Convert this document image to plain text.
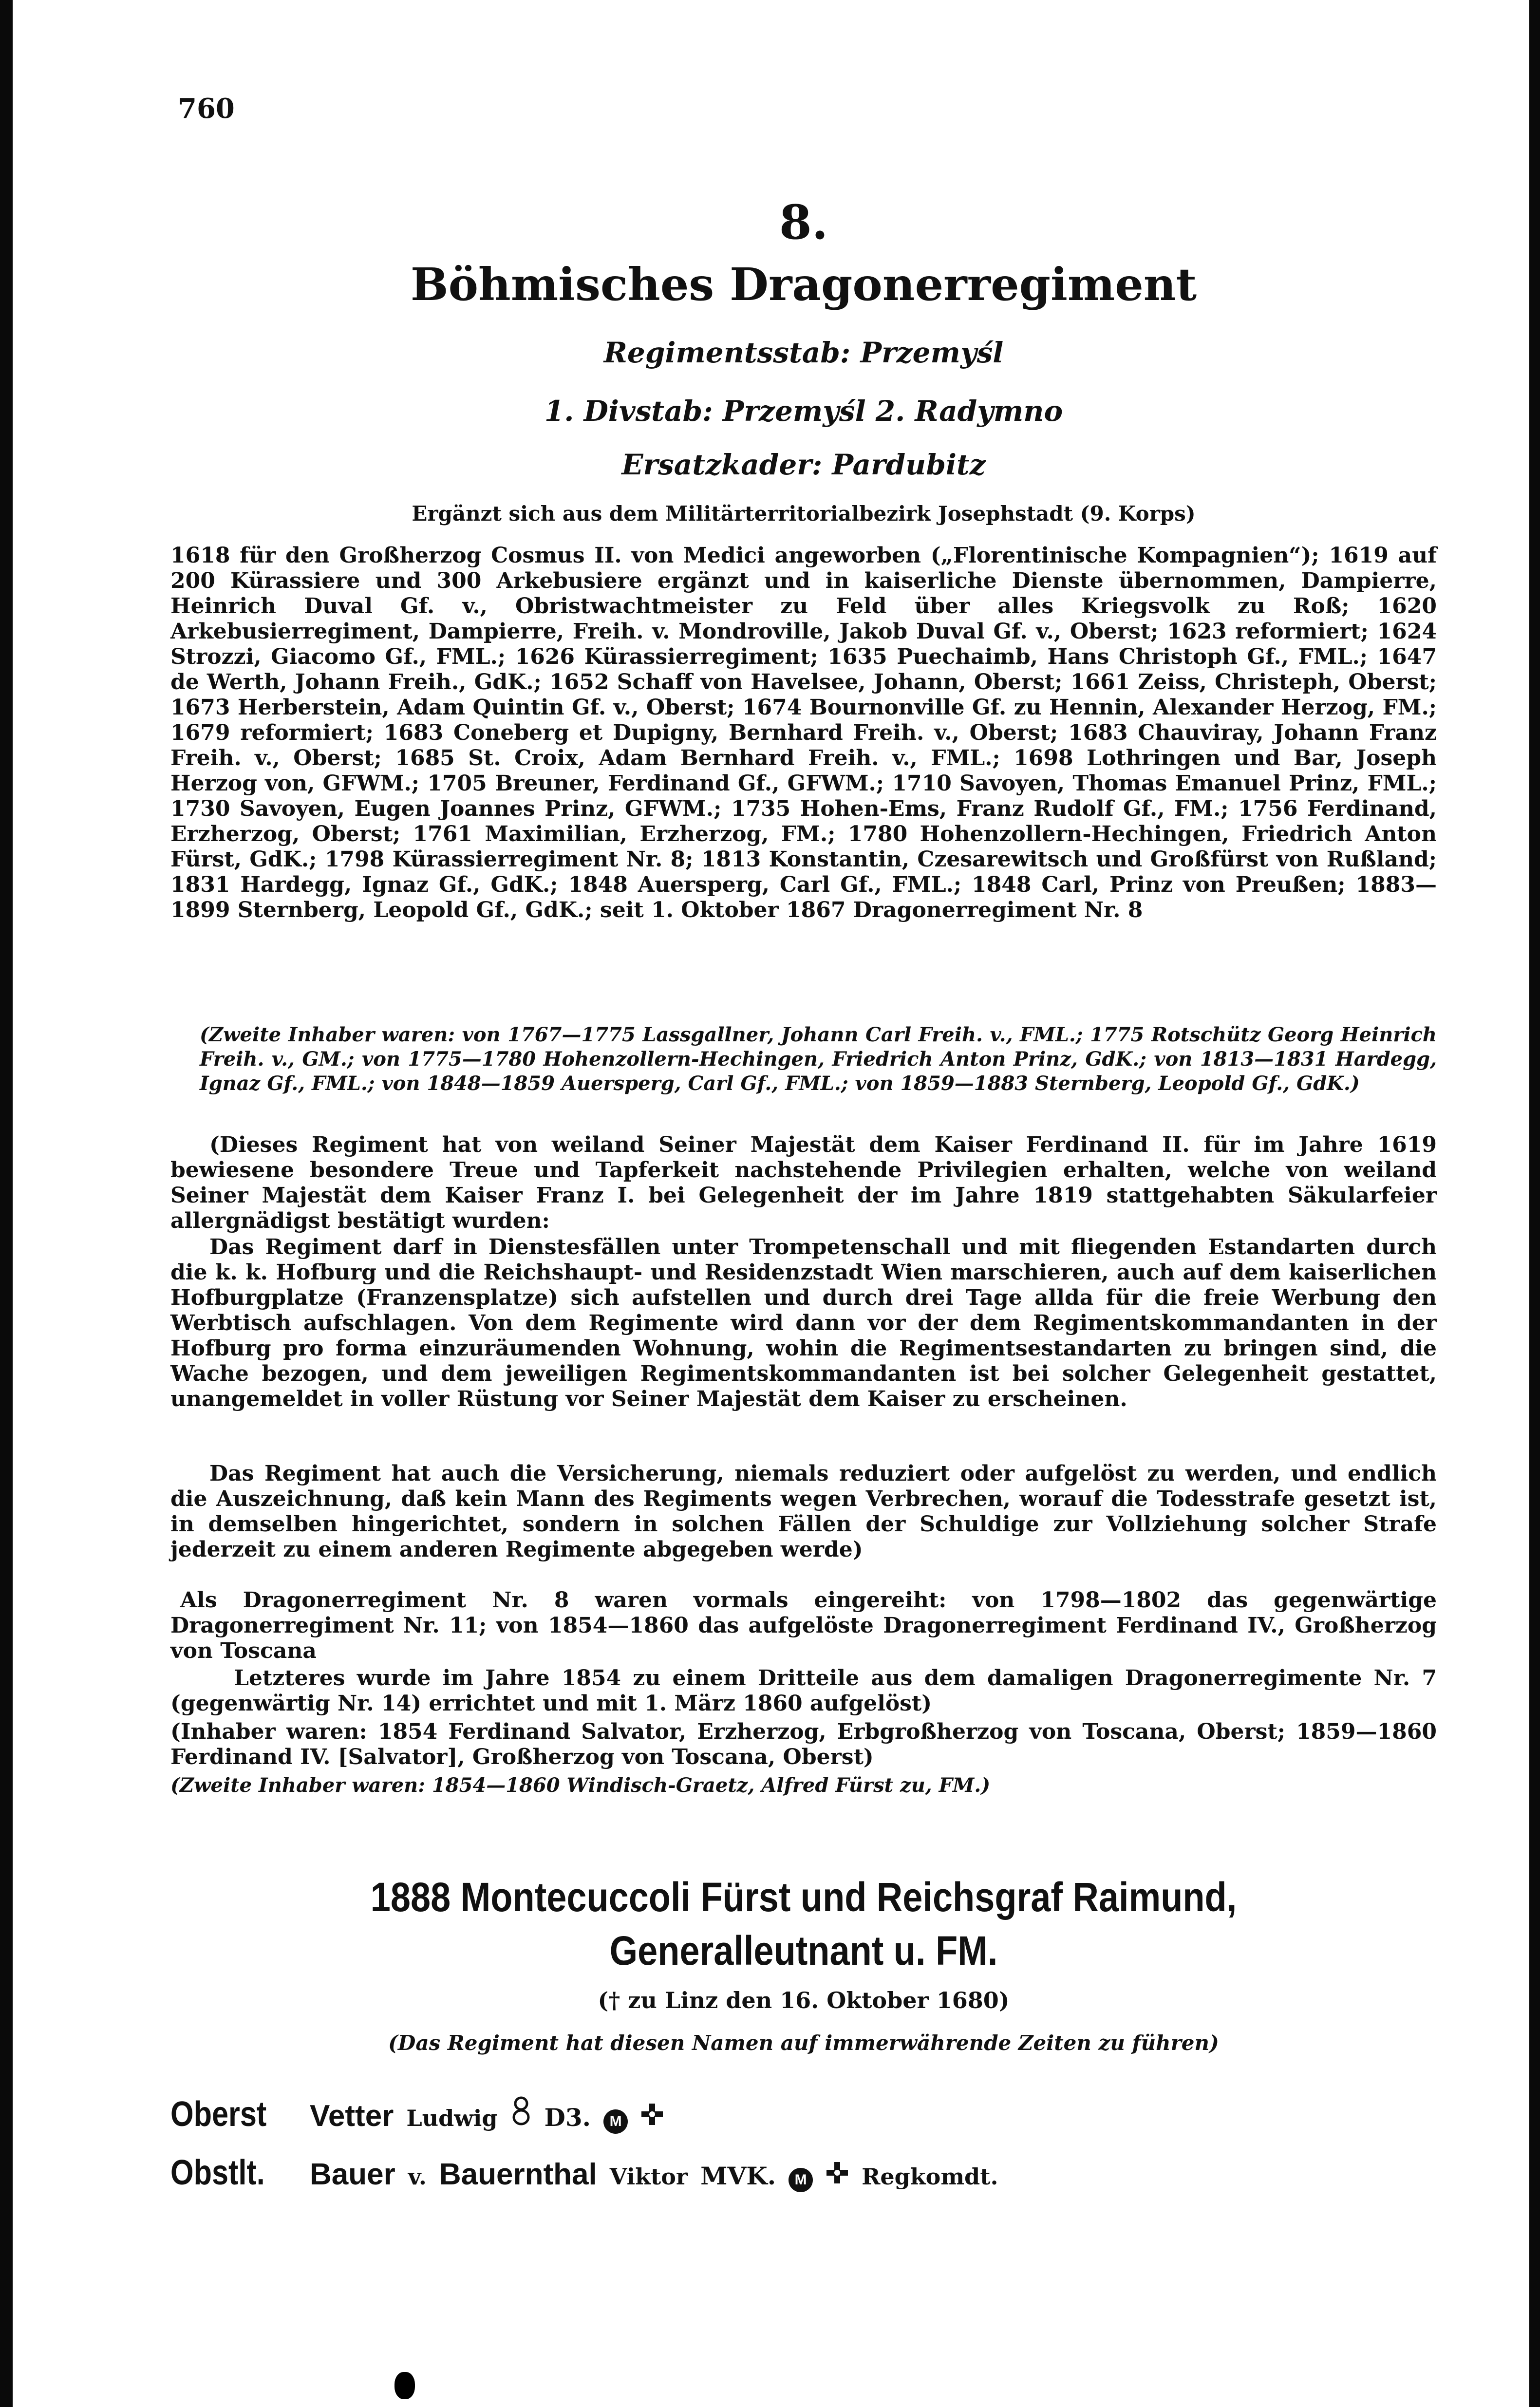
760
8.
Böhmisches Dragonerregiment
Regimentsstab: Przemyśl
1. Divstab: Przemyśl 2. Radymno
Ersatzkader: Pardubitz
Ergänzt sich aus dem Militärterritorialbezirk Josephstadt (9. Korps)
1618 für den Großherzog Cosmus II. von Medici angeworben („Florentinische Kompagnien“); 1619 auf 200 Kürassiere und 300 Arkebusiere ergänzt und in kaiserliche Dienste übernommen, Dampierre, Heinrich Duval Gf. v., Obristwachtmeister zu Feld über alles Kriegsvolk zu Roß; 1620 Arkebusierregiment, Dampierre, Freih. v. Mondroville, Jakob Duval Gf. v., Oberst; 1623 reformiert; 1624 Strozzi, Giacomo Gf., FML.; 1626 Kürassierregiment; 1635 Puechaimb, Hans Christoph Gf., FML.; 1647 de Werth, Johann Freih., GdK.; 1652 Schaff von Havelsee, Johann, Oberst; 1661 Zeiss, Christeph, Oberst; 1673 Herberstein, Adam Quintin Gf. v., Oberst; 1674 Bournonville Gf. zu Hennin, Alexander Herzog, FM.; 1679 reformiert; 1683 Coneberg et Dupigny, Bernhard Freih. v., Oberst; 1683 Chauviray, Johann Franz Freih. v., Oberst; 1685 St. Croix, Adam Bernhard Freih. v., FML.; 1698 Lothringen und Bar, Joseph Herzog von, GFWM.; 1705 Breuner, Ferdinand Gf., GFWM.; 1710 Savoyen, Thomas Emanuel Prinz, FML.; 1730 Savoyen, Eugen Joannes Prinz, GFWM.; 1735 Hohen-Ems, Franz Rudolf Gf., FM.; 1756 Ferdinand, Erzherzog, Oberst; 1761 Maximilian, Erzherzog, FM.; 1780 Hohenzollern-Hechingen, Friedrich Anton Fürst, GdK.; 1798 Kürassierregiment Nr. 8; 1813 Konstantin, Czesarewitsch und Großfürst von Rußland; 1831 Hardegg, Ignaz Gf., GdK.; 1848 Auersperg, Carl Gf., FML.; 1848 Carl, Prinz von Preußen; 1883—1899 Sternberg, Leopold Gf., GdK.; seit 1. Oktober 1867 Dragonerregiment Nr. 8
(Zweite Inhaber waren: von 1767—1775 Lassgallner, Johann Carl Freih. v., FML.; 1775 Rotschütz Georg Heinrich Freih. v., GM.; von 1775—1780 Hohenzollern-Hechingen, Friedrich Anton Prinz, GdK.; von 1813—1831 Hardegg, Ignaz Gf., FML.; von 1848—1859 Auersperg, Carl Gf., FML.; von 1859—1883 Sternberg, Leopold Gf., GdK.)
(Dieses Regiment hat von weiland Seiner Majestät dem Kaiser Ferdinand II. für im Jahre 1619 bewiesene besondere Treue und Tapferkeit nachstehende Privilegien erhalten, welche von weiland Seiner Majestät dem Kaiser Franz I. bei Gelegenheit der im Jahre 1819 stattgehabten Säkularfeier allergnädigst bestätigt wurden:
Das Regiment darf in Dienstesfällen unter Trompetenschall und mit fliegenden Estandarten durch die k. k. Hofburg und die Reichshaupt- und Residenzstadt Wien marschieren, auch auf dem kaiserlichen Hofburgplatze (Franzensplatze) sich aufstellen und durch drei Tage allda für die freie Werbung den Werbtisch aufschlagen. Von dem Regimente wird dann vor der dem Regimentskommandanten in der Hofburg pro forma einzuräumenden Wohnung, wohin die Regimentsestandarten zu bringen sind, die Wache bezogen, und dem jeweiligen Regimentskommandanten ist bei solcher Gelegenheit gestattet, unangemeldet in voller Rüstung vor Seiner Majestät dem Kaiser zu erscheinen.
Das Regiment hat auch die Versicherung, niemals reduziert oder aufgelöst zu werden, und endlich die Auszeichnung, daß kein Mann des Regiments wegen Verbrechen, worauf die Todesstrafe gesetzt ist, in demselben hingerichtet, sondern in solchen Fällen der Schuldige zur Vollziehung solcher Strafe jederzeit zu einem anderen Regimente abgegeben werde)
Als Dragonerregiment Nr. 8 waren vormals eingereiht: von 1798—1802 das gegenwärtige Dragonerregiment Nr. 11; von 1854—1860 das aufgelöste Dragonerregiment Ferdinand IV., Großherzog von Toscana
Letzteres wurde im Jahre 1854 zu einem Dritteile aus dem damaligen Dragonerregimente Nr. 7 (gegenwärtig Nr. 14) errichtet und mit 1. März 1860 aufgelöst)
(Inhaber waren: 1854 Ferdinand Salvator, Erzherzog, Erbgroßherzog von Toscana, Oberst; 1859—1860 Ferdinand IV. [Salvator], Großherzog von Toscana, Oberst)
(Zweite Inhaber waren: 1854—1860 Windisch-Graetz, Alfred Fürst zu, FM.)
1888 Montecuccoli Fürst und Reichsgraf Raimund, Generalleutnant u. FM.
(† zu Linz den 16. Oktober 1680)
(Das Regiment hat diesen Namen auf immerwährende Zeiten zu führen)
Oberst	Vetter Ludwig D3.	M
Obstlt.	Bauer v. Bauernthal Viktor MVK.	M Regkomdt.
